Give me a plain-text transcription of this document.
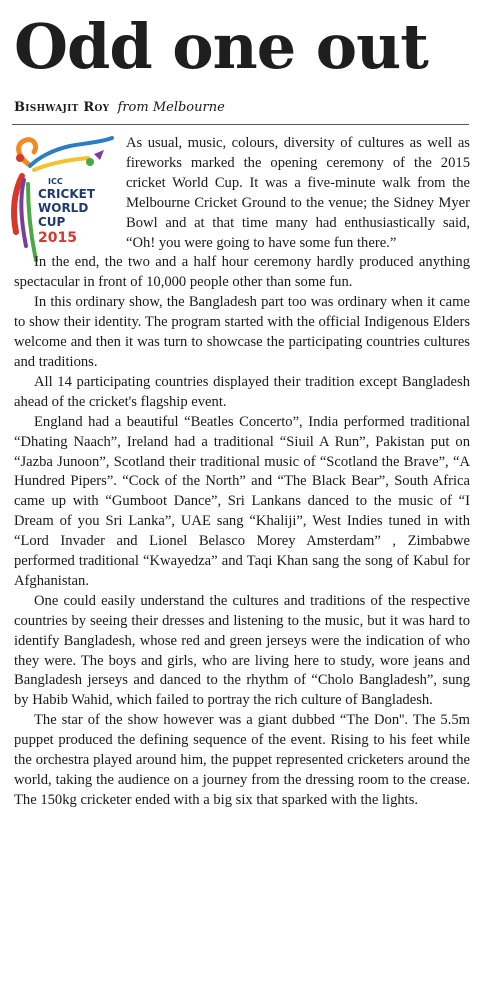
Odd one out
Bishwajit Roy from Melbourne
ICC
CRICKET
WORLD
CUP
2015

As usual, music, colours, diversity of cultures as well as fireworks marked the opening ceremony of the 2015 cricket World Cup. It was a five-minute walk from the Melbourne Cricket Ground to the venue; the Sidney Myer Bowl and at that time many had enthusiastically said, “Oh! you were going to have some fun there.”

In the end, the two and a half hour ceremony hardly produced anything spectacular in front of 10,000 people other than some fun.

In this ordinary show, the Bangladesh part too was ordinary when it came to show their identity. The program started with the official Indigenous Elders welcome and then it was turn to showcase the participating countries cultures and traditions.

All 14 participating countries displayed their tradition except Bangladesh ahead of the cricket's flagship event.

England had a beautiful “Beatles Concerto”, India performed traditional “Dhating Naach”, Ireland had a traditional “Siuil A Run”, Pakistan put on “Jazba Junoon”, Scotland their traditional music of “Scotland the Brave”, “A Hundred Pipers”. “Cock of the North” and “The Black Bear”, South Africa came up with “Gumboot Dance”, Sri Lankans danced to the music of “I Dream of you Sri Lanka”, UAE sang “Khaliji”, West Indies tuned in with “Lord Invader and Lionel Belasco Morey Amsterdam” , Zimbabwe performed traditional “Kwayedza” and Taqi Khan sang the song of Kabul for Afghanistan.

One could easily understand the cultures and traditions of the respective countries by seeing their dresses and listening to the music, but it was hard to identify Bangladesh, whose red and green jerseys were the indication of who they were. The boys and girls, who are living here to study, wore jeans and Bangladesh jerseys and danced to the rhythm of “Cholo Bangladesh”, sung by Habib Wahid, which failed to portray the rich culture of Bangladesh.

The star of the show however was a giant dubbed “The Don''. The 5.5m puppet produced the defining sequence of the event. Rising to his feet while the orchestra played around him, the puppet represented cricketers around the world, taking the audience on a journey from the dressing room to the crease. The 150kg cricketer ended with a big six that sparked with the lights.
